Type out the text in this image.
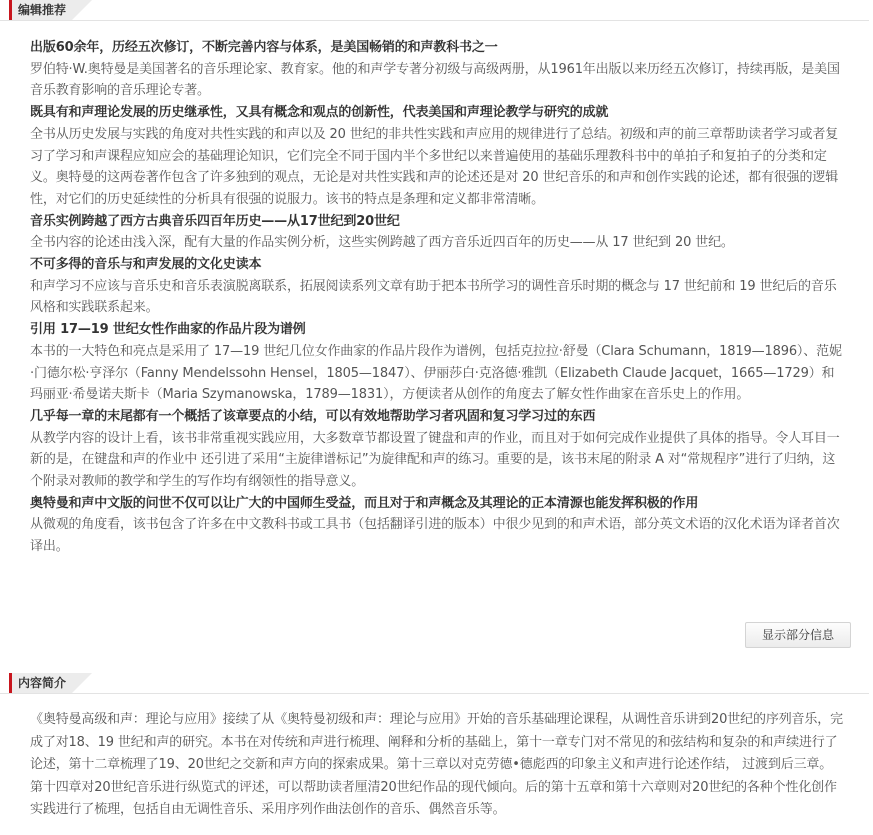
编辑推荐

出版60余年，历经五次修订，不断完善内容与体系，是美国畅销的和声教科书之一

罗伯特·W.奥特曼是美国著名的音乐理论家、教育家。他的和声学专著分初级与高级两册，从1961年出版以来历经五次修订，持续再版，是美国音乐教育影响的音乐理论专著。

既具有和声理论发展的历史继承性，又具有概念和观点的创新性，代表美国和声理论教学与研究的成就

全书从历史发展与实践的角度对共性实践的和声以及 20 世纪的非共性实践和声应用的规律进行了总结。初级和声的前三章帮助读者学习或者复习了学习和声课程应知应会的基础理论知识，它们完全不同于国内半个多世纪以来普遍使用的基础乐理教科书中的单拍子和复拍子的分类和定义。奥特曼的这两卷著作包含了许多独到的观点，无论是对共性实践和声的论述还是对 20 世纪音乐的和声和创作实践的论述，都有很强的逻辑性，对它们的历史延续性的分析具有很强的说服力。该书的特点是条理和定义都非常清晰。

音乐实例跨越了西方古典音乐四百年历史——从17世纪到20世纪

全书内容的论述由浅入深，配有大量的作品实例分析，这些实例跨越了西方音乐近四百年的历史——从 17 世纪到 20 世纪。

不可多得的音乐与和声发展的文化史读本

和声学习不应该与音乐史和音乐表演脱离联系，拓展阅读系列文章有助于把本书所学习的调性音乐时期的概念与 17 世纪前和 19 世纪后的音乐风格和实践联系起来。

引用 17—19 世纪女性作曲家的作品片段为谱例

本书的一大特色和亮点是采用了 17—19 世纪几位女作曲家的作品片段作为谱例，包括克拉拉·舒曼（Clara Schumann，1819—1896）、范妮·门德尔松·亨泽尔（Fanny Mendelssohn Hensel，1805—1847）、伊丽莎白·克洛德·雅凯（Elizabeth Claude Jacquet，1665—1729）和 玛丽亚·希曼诺夫斯卡（Maria Szymanowska，1789—1831），方便读者从创作的角度去了解女性作曲家在音乐史上的作用。

几乎每一章的末尾都有一个概括了该章要点的小结，可以有效地帮助学习者巩固和复习学习过的东西

从教学内容的设计上看，该书非常重视实践应用，大多数章节都设置了键盘和声的作业，而且对于如何完成作业提供了具体的指导。令人耳目一新的是，在键盘和声的作业中 还引进了采用“主旋律谱标记”为旋律配和声的练习。重要的是，该书末尾的附录 A 对“常规程序”进行了归纳，这个附录对教师的教学和学生的写作均有纲领性的指导意义。

奥特曼和声中文版的问世不仅可以让广大的中国师生受益，而且对于和声概念及其理论的正本清源也能发挥积极的作用

从微观的角度看，该书包含了许多在中文教科书或工具书（包括翻译引进的版本）中很少见到的和声术语，部分英文术语的汉化术语为译者首次译出。

显示部分信息
内容简介

《奥特曼高级和声：理论与应用》接续了从《奥特曼初级和声：理论与应用》开始的音乐基础理论课程，从调性音乐讲到20世纪的序列音乐，完成了对18、19 世纪和声的研究。本书在对传统和声进行梳理、阐释和分析的基础上，第十一章专门对不常见的和弦结构和复杂的和声续进行了论述，第十二章梳理了19、20世纪之交新和声方向的探索成果。第十三章以对克劳德•德彪西的印象主义和声进行论述作结， 过渡到后三章。第十四章对20世纪音乐进行纵览式的评述，可以帮助读者厘清20世纪作品的现代倾向。后的第十五章和第十六章则对20世纪的各种个性化创作实践进行了梳理，包括自由无调性音乐、采用序列作曲法创作的音乐、偶然音乐等。
